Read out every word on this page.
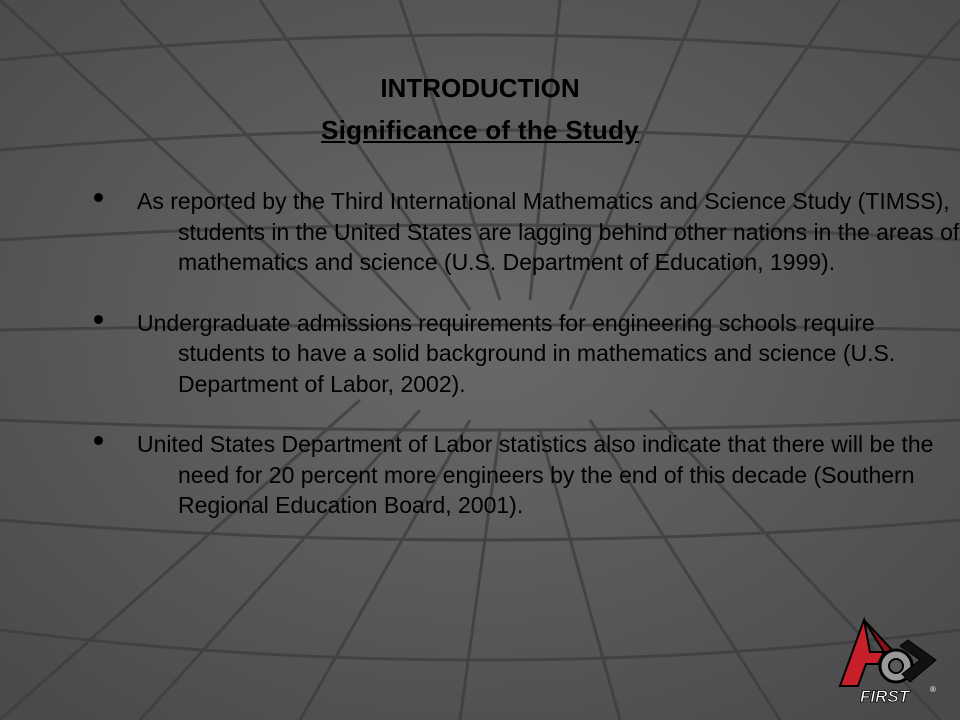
INTRODUCTION
Significance of the Study
As reported by the Third International Mathematics and Science Study (TIMSS), students in the United States are lagging behind other nations in the areas of mathematics and science (U.S. Department of Education, 1999).
Undergraduate admissions requirements for engineering schools require students to have a solid background in mathematics and science (U.S. Department of Labor, 2002).
United States Department of Labor statistics also indicate that there will be the need for 20 percent more engineers by the end of this decade (Southern Regional Education Board, 2001).
FIRST	®
